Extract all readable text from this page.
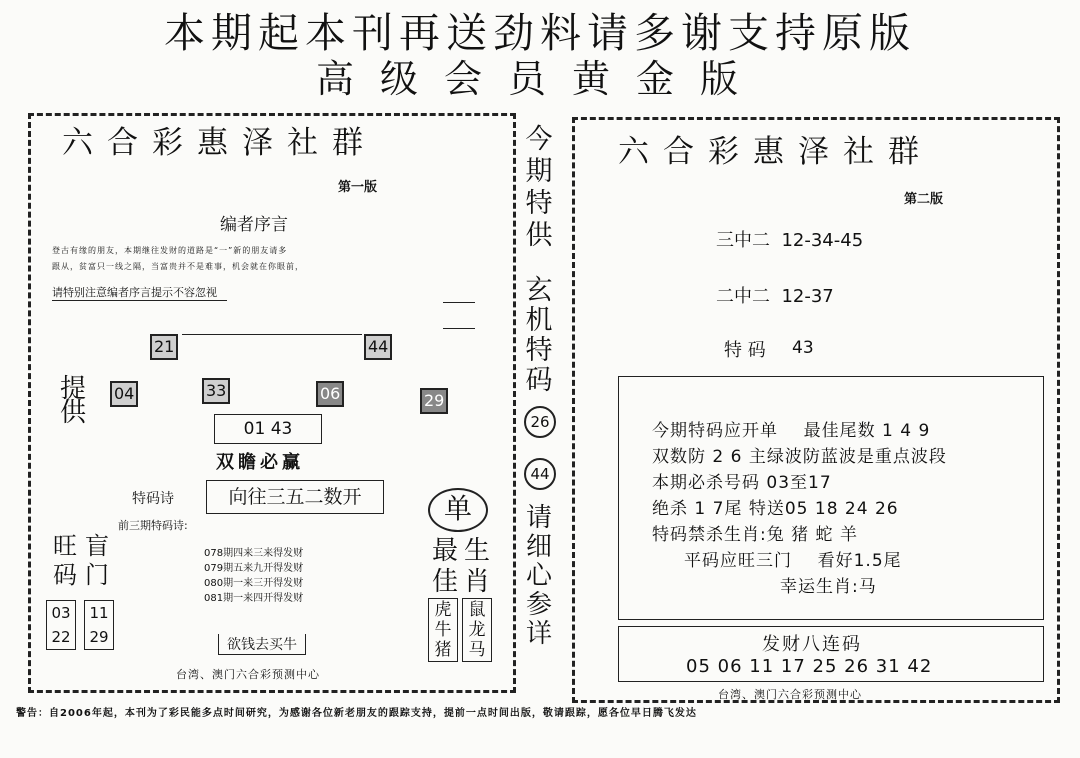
本期起本刊再送劲料请多谢支持原版
高级会员黄金版
六合彩惠泽社群
第一版
编者序言
登古有缘的朋友，本期继往发财的道路是“一”新的朋友请多
跟从，贫富只一线之隔，当富贵并不是难事，机会就在你眼前，
请特别注意编者序言提示不容忽视
21	44
提
供
04	33	06	29
01 43
双瞻必赢
特码诗	向往三五二数开
前三期特码诗:
078期四来三来得发财
079期五来九开得发财
080期一来三开得发财
081期一来四开得发财
旺
码
盲
门
03
22
11
29	欲钱去买牛
单
最
佳
生
肖
虎
牛
猪
鼠
龙
马
台湾、澳门六合彩预测中心
今
期
特
供
玄
机
特
码
26
44
请
细
心
参
详
六合彩惠泽社群
第二版
三中二  12-34-45
二中二  12-37
特 码 43
今期特码应开单    最佳尾数 1 4 9
双数防 2 6 主绿波防蓝波是重点波段
本期必杀号码 03至17
绝杀 1 7尾 特送05 18 24 26
特码禁杀生肖:兔 猪 蛇 羊
平码应旺三门    看好1.5尾
幸运生肖:马
发财八连码
05 06 11 17 25 26 31 42
台湾、澳门六合彩预测中心
警告：自2006年起，本刊为了彩民能多点时间研究，为感谢各位新老朋友的跟踪支持，提前一点时间出版，敬请跟踪，愿各位早日腾飞发达
